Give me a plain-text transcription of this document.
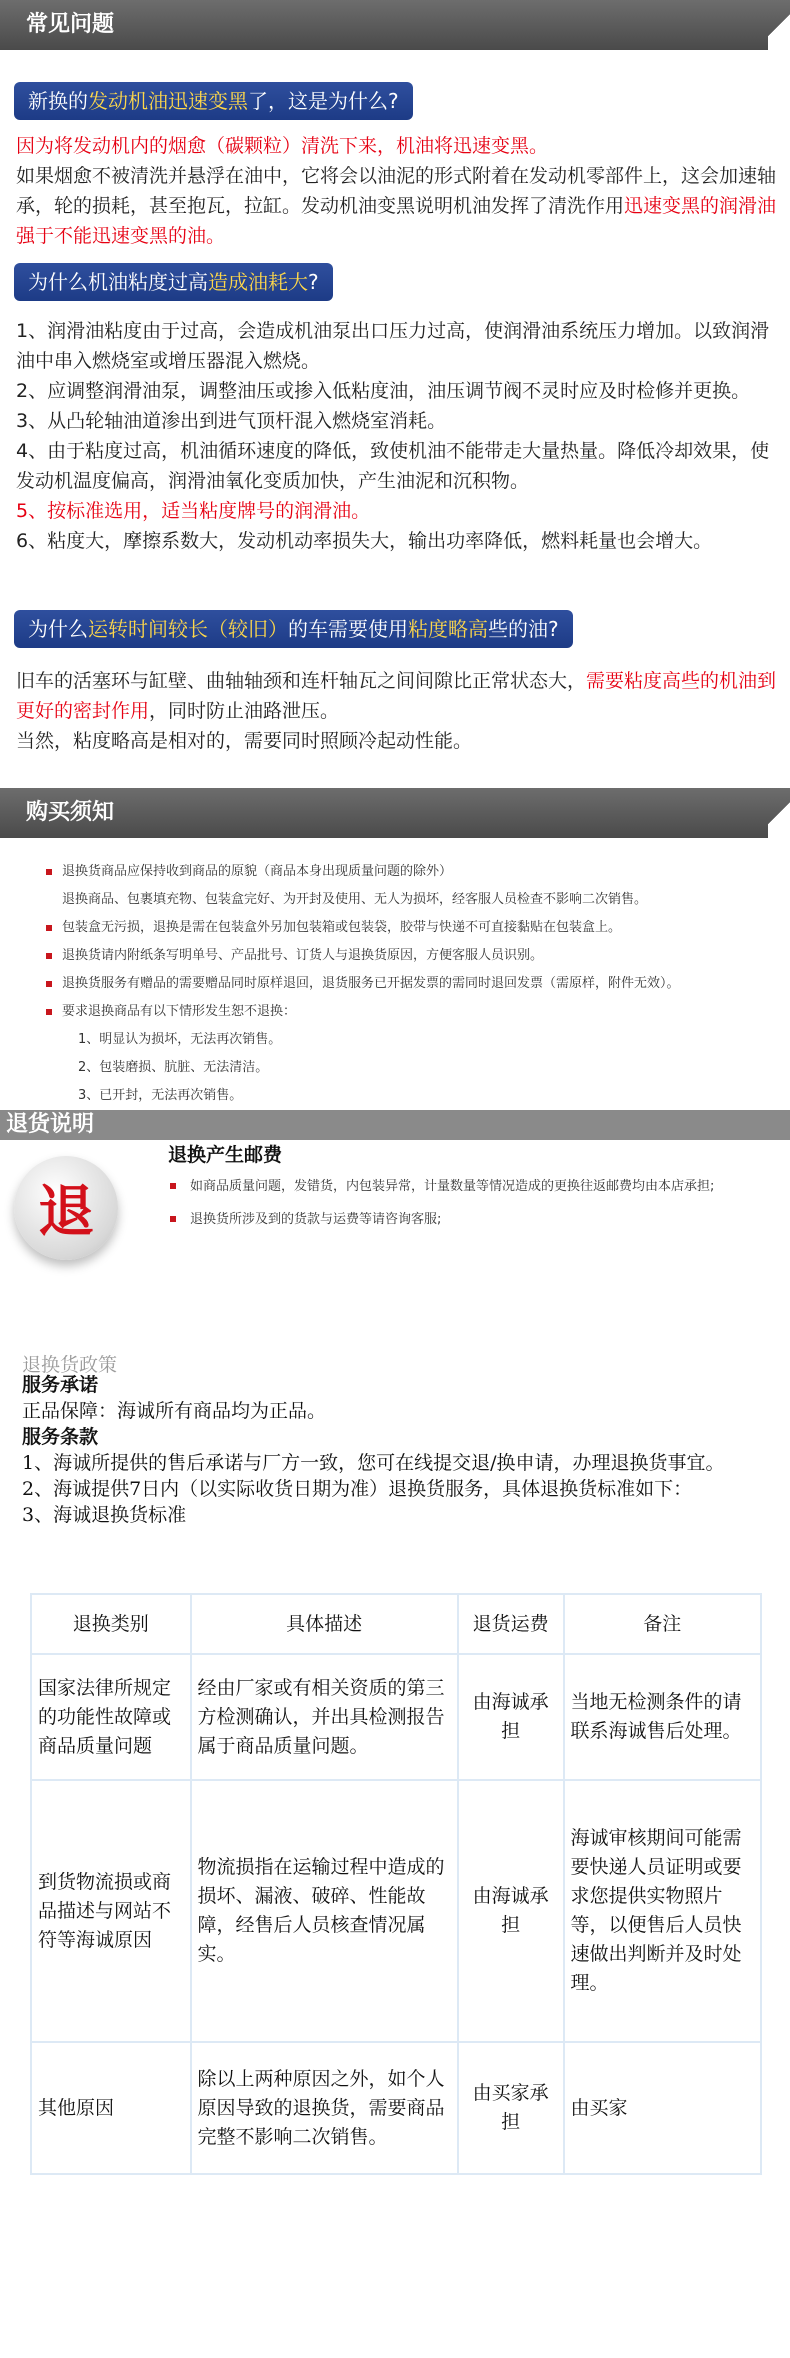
常见问题
新换的发动机油迅速变黑了，这是为什么?
因为将发动机内的烟愈（碳颗粒）清洗下来，机油将迅速变黑。
如果烟愈不被清洗并悬浮在油中，它将会以油泥的形式附着在发动机零部件上，这会加速轴承，轮的损耗，甚至抱瓦，拉缸。发动机油变黑说明机油发挥了清洗作用迅速变黑的润滑油强于不能迅速变黑的油。
为什么机油粘度过高造成油耗大?
1、润滑油粘度由于过高，会造成机油泵出口压力过高，使润滑油系统压力增加。以致润滑油中串入燃烧室或增压器混入燃烧。
2、应调整润滑油泵，调整油压或掺入低粘度油，油压调节阀不灵时应及时检修并更换。
3、从凸轮轴油道渗出到进气顶杆混入燃烧室消耗。
4、由于粘度过高，机油循环速度的降低，致使机油不能带走大量热量。降低冷却效果，使发动机温度偏高，润滑油氧化变质加快，产生油泥和沉积物。
5、按标准选用，适当粘度牌号的润滑油。
6、粘度大，摩擦系数大，发动机动率损失大，输出功率降低，燃料耗量也会增大。
为什么运转时间较长（较旧）的车需要使用粘度略高些的油?
旧车的活塞环与缸壁、曲轴轴颈和连杆轴瓦之间间隙比正常状态大，需要粘度高些的机油到更好的密封作用，同时防止油路泄压。
当然，粘度略高是相对的，需要同时照顾冷起动性能。
购买须知
退换货商品应保持收到商品的原貌（商品本身出现质量问题的除外）
退换商品、包裹填充物、包装盒完好、为开封及使用、无人为损坏，经客服人员检查不影响二次销售。
包装盒无污损，退换是需在包装盒外另加包装箱或包装袋，胶带与快递不可直接黏贴在包装盒上。
退换货请内附纸条写明单号、产品批号、订货人与退换货原因，方便客服人员识别。
退换货服务有赠品的需要赠品同时原样退回，退货服务已开据发票的需同时退回发票（需原样，附件无效）。
要求退换商品有以下情形发生恕不退换：
1、明显认为损坏，无法再次销售。
2、包装磨损、肮脏、无法清洁。
3、已开封，无法再次销售。
退货说明
退
退换产生邮费
如商品质量问题，发错货，内包装异常，计量数量等情况造成的更换往返邮费均由本店承担;
退换货所涉及到的货款与运费等请咨询客服;
退换货政策
服务承诺
正品保障：海诚所有商品均为正品。
服务条款
1、海诚所提供的售后承诺与厂方一致，您可在线提交退/换申请，办理退换货事宜。
2、海诚提供7日内（以实际收货日期为准）退换货服务，具体退换货标准如下：
3、海诚退换货标准
退换类别	具体描述	退货运费	备注
国家法律所规定的功能性故障或商品质量问题	经由厂家或有相关资质的第三方检测确认，并出具检测报告属于商品质量问题。	由海诚承担	当地无检测条件的请联系海诚售后处理。
到货物流损或商品描述与网站不符等海诚原因	物流损指在运输过程中造成的损坏、漏液、破碎、性能故障，经售后人员核查情况属实。	由海诚承担	海诚审核期间可能需要快递人员证明或要求您提供实物照片等，以便售后人员快速做出判断并及时处理。
其他原因	除以上两种原因之外，如个人原因导致的退换货，需要商品完整不影响二次销售。	由买家承担	由买家
